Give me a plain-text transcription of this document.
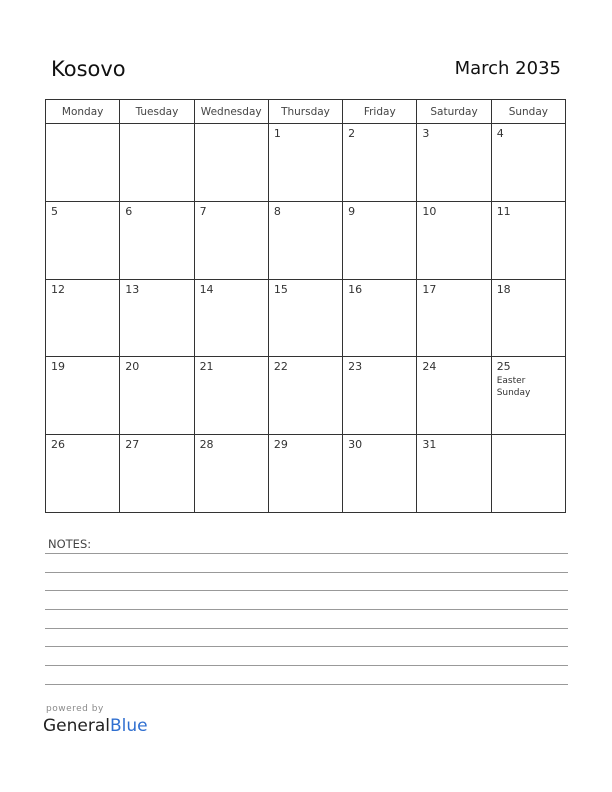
Kosovo	March 2035
Monday	Tuesday	Wednesday	Thursday	Friday	Saturday	Sunday

			1	2	3	4

5	6	7	8	9	10	11

12	13	14	15	16	17	18

19	20	21	22	23	24	25
Easter Sunday

26	27	28	29	30	31	

NOTES:
powered by
GeneralBlue
